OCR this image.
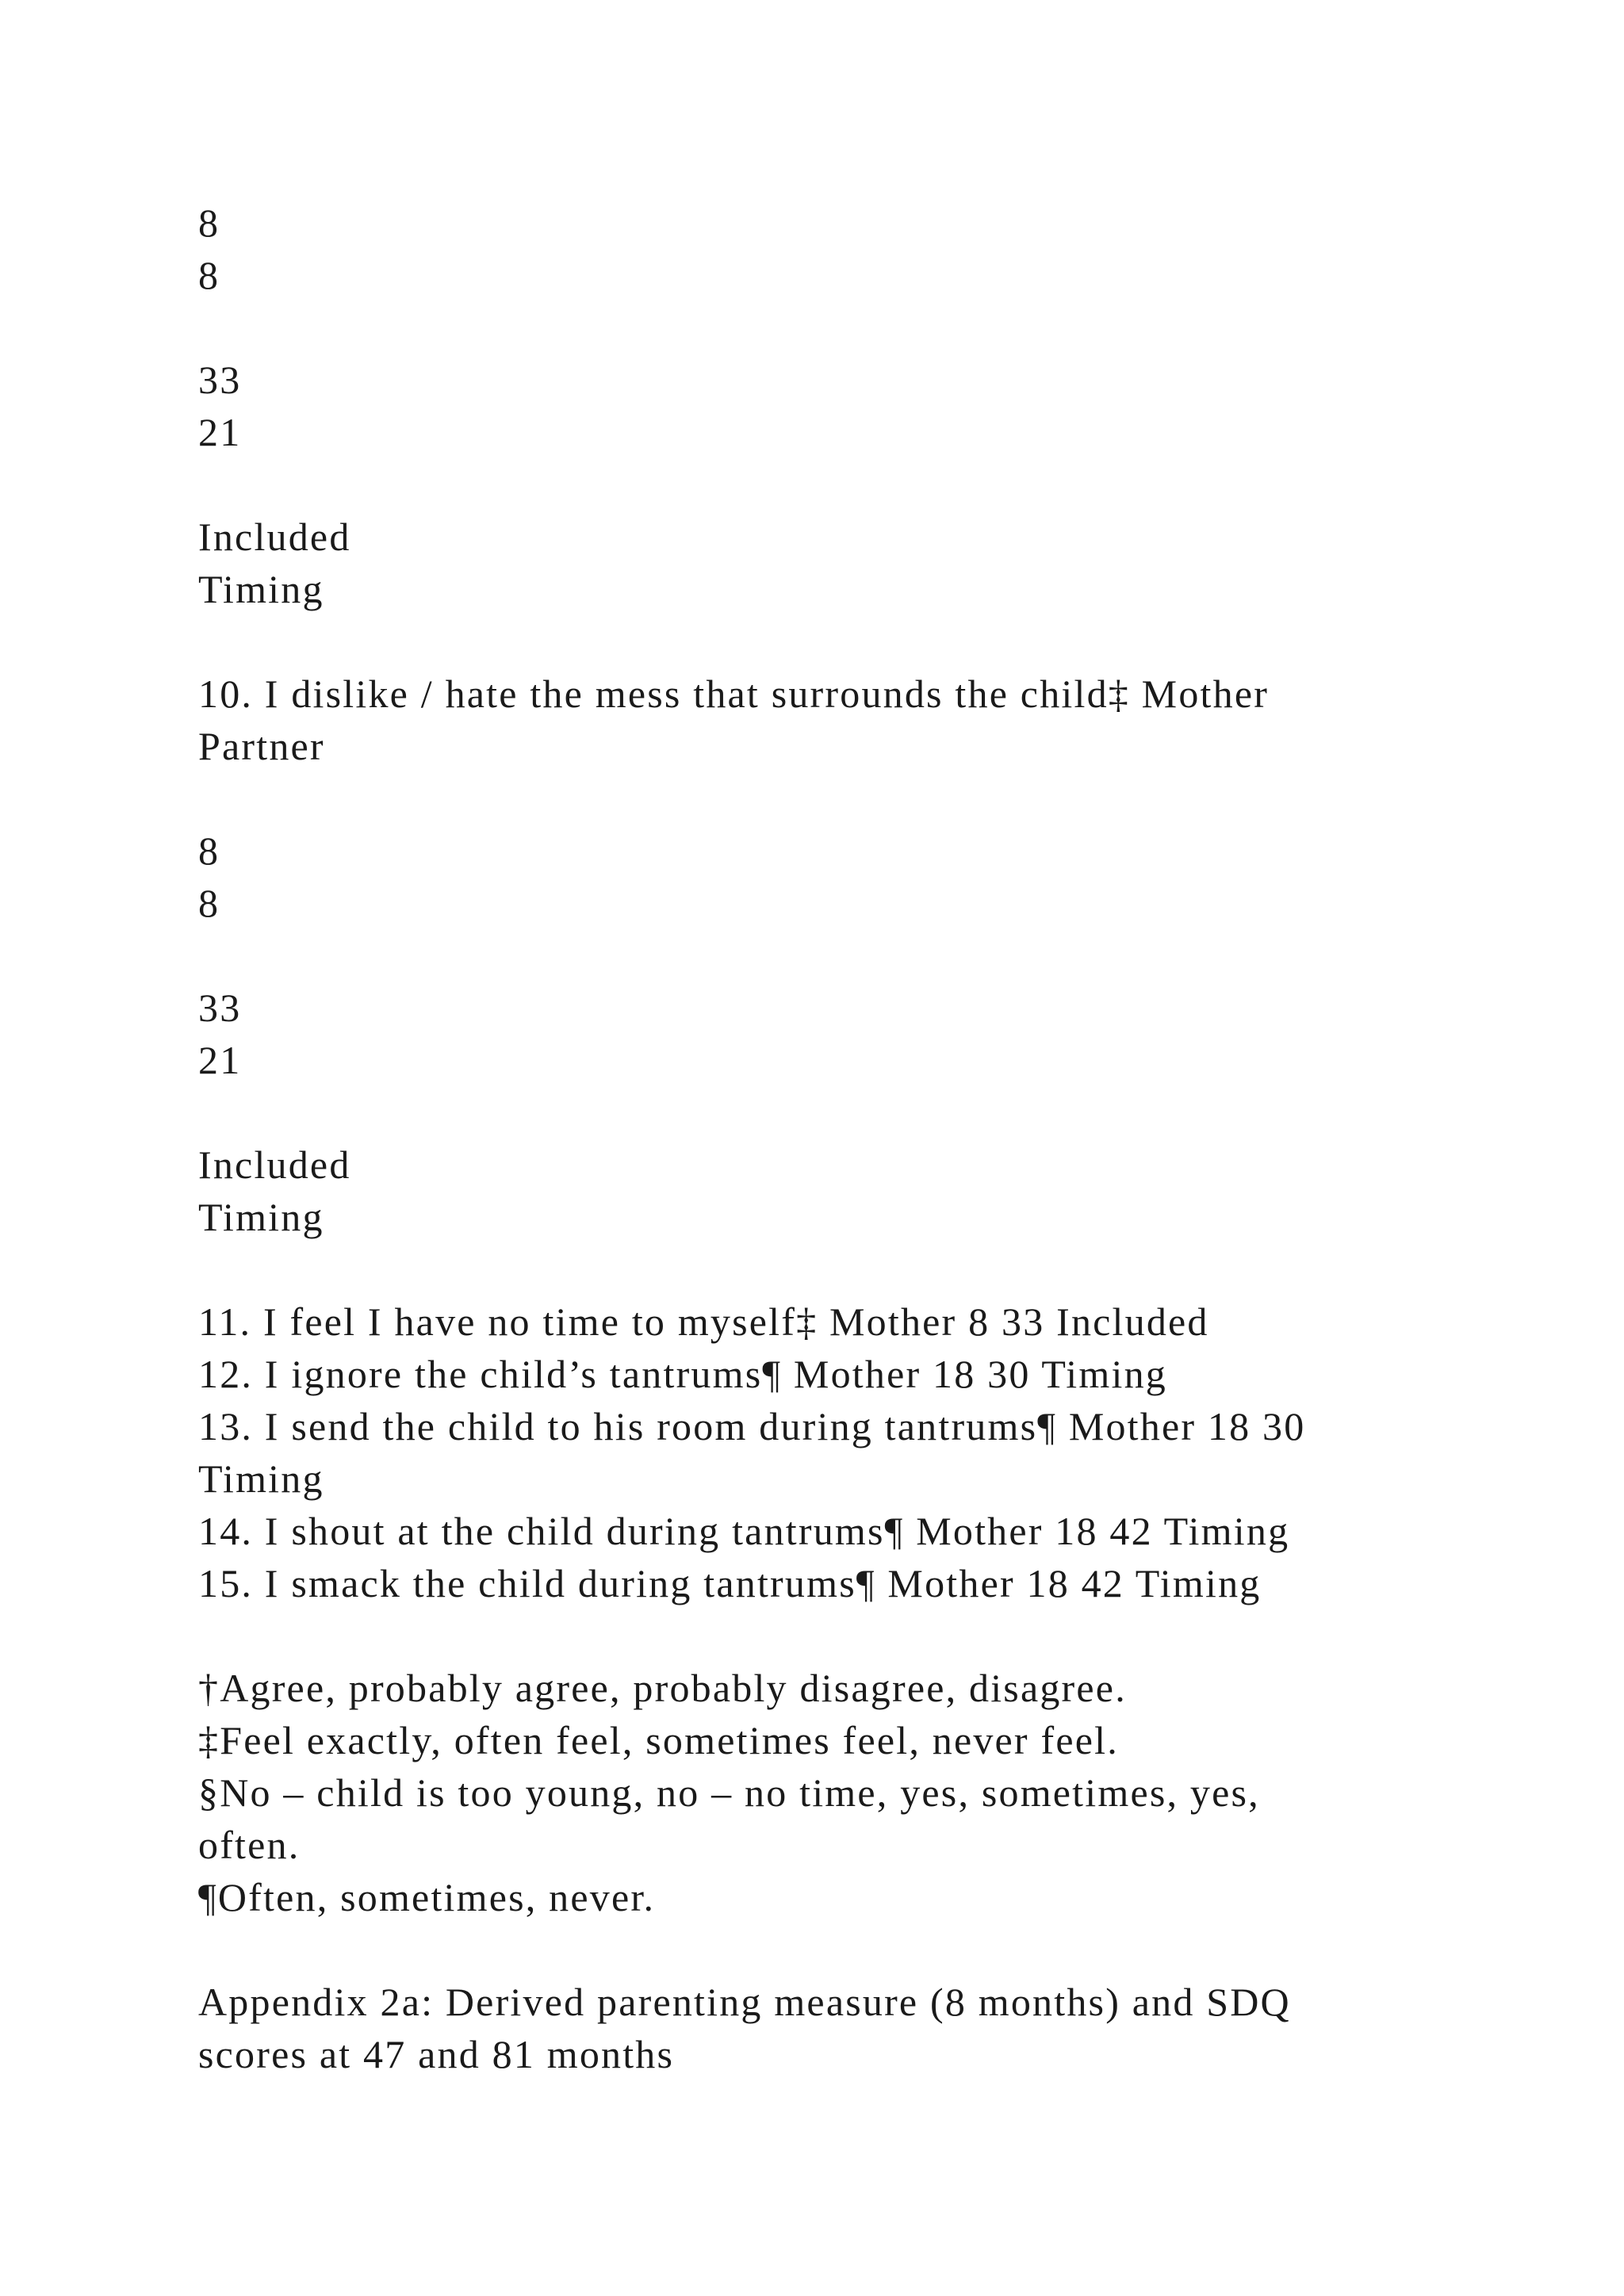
8
8
33
21
Included
Timing
10. I dislike / hate the mess that surrounds the child‡ Mother
Partner
8
8
33
21
Included
Timing
11. I feel I have no time to myself‡ Mother 8 33 Included
12. I ignore the child’s tantrums¶ Mother 18 30 Timing
13. I send the child to his room during tantrums¶ Mother 18 30
Timing
14. I shout at the child during tantrums¶ Mother 18 42 Timing
15. I smack the child during tantrums¶ Mother 18 42 Timing
†Agree, probably agree, probably disagree, disagree.
‡Feel exactly, often feel, sometimes feel, never feel.
§No – child is too young, no – no time, yes, sometimes, yes,
often.
¶Often, sometimes, never.
Appendix 2a: Derived parenting measure (8 months) and SDQ
scores at 47 and 81 months
